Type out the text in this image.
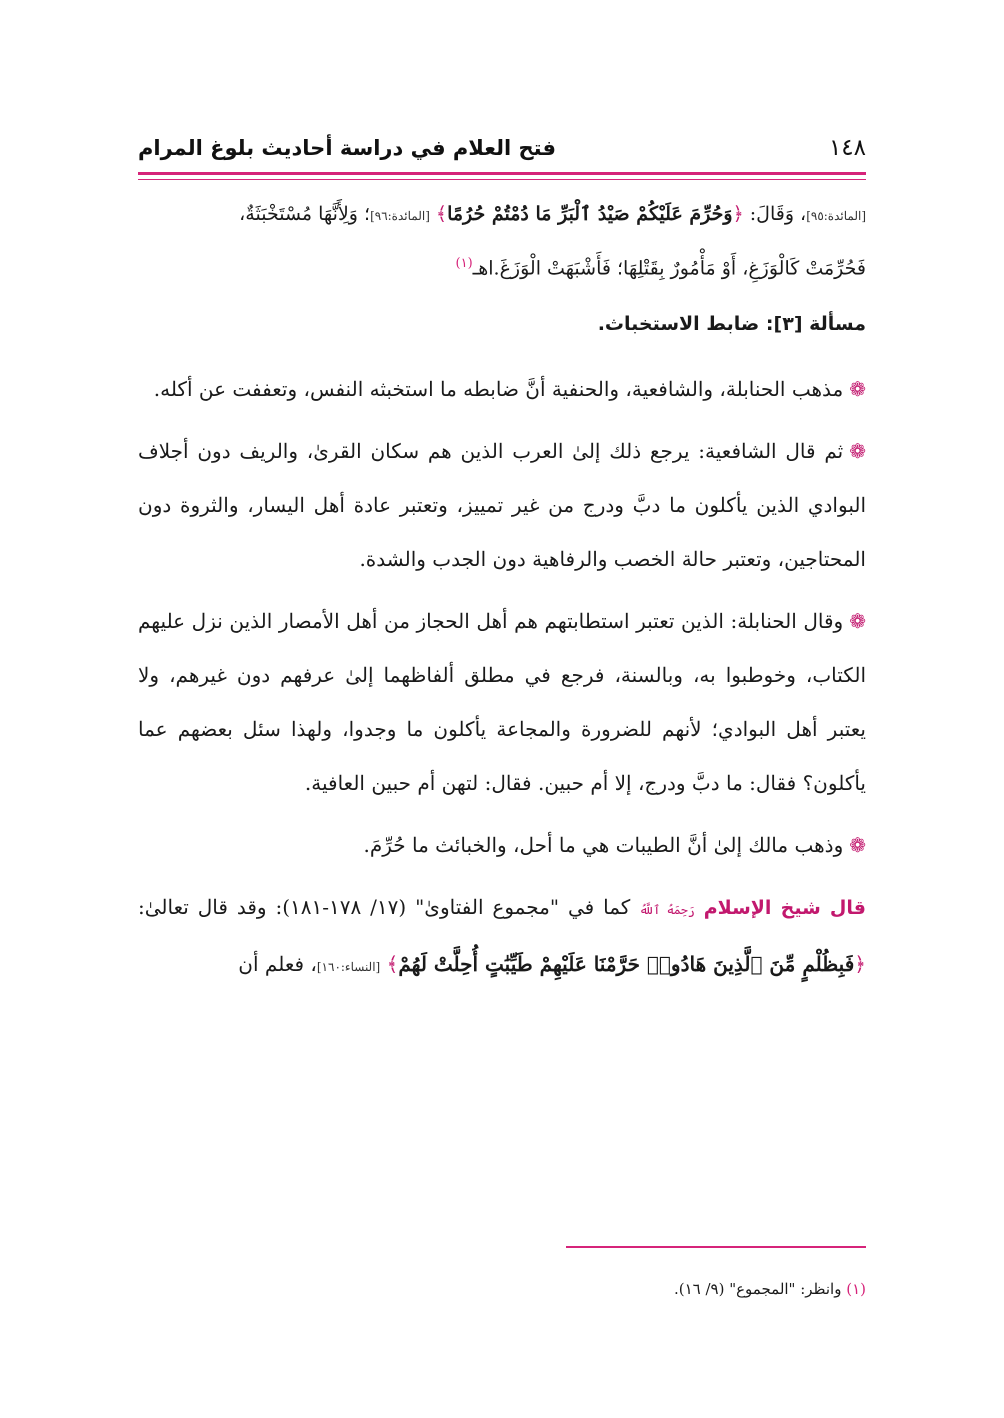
١٤٨
فتح العلام في دراسة أحاديث بلوغ المرام
[المائدة:٩٥]، وَقَالَ: ﴿وَحُرِّمَ عَلَيْكُمْ صَيْدُ ٱلْبَرِّ مَا دُمْتُمْ حُرُمًا﴾ [المائدة:٩٦]؛ وَلِأَنَّهَا مُسْتَخْبَثَةٌ،
فَحُرِّمَتْ كَالْوَزَغِ، أَوْ مَأْمُورٌ بِقَتْلِهَا؛ فَأَشْبَهَتْ الْوَزَغَ.اهـ$^{(١)}$
مسألة [٣]: ضابط الاستخباث.

❁مذهب الحنابلة، والشافعية، والحنفية أنَّ ضابطه ما استخبثه النفس، وتعففت عن أكله.

❁ثم قال الشافعية: يرجع ذلك إلىٰ العرب الذين هم سكان القرىٰ، والريف دون أجلاف البوادي الذين يأكلون ما دبَّ ودرج من غير تمييز، وتعتبر عادة أهل اليسار، والثروة دون المحتاجين، وتعتبر حالة الخصب والرفاهية دون الجدب والشدة.

❁وقال الحنابلة: الذين تعتبر استطابتهم هم أهل الحجاز من أهل الأمصار الذين نزل عليهم الكتاب، وخوطبوا به، وبالسنة، فرجع في مطلق ألفاظهما إلىٰ عرفهم دون غيرهم، ولا يعتبر أهل البوادي؛ لأنهم للضرورة والمجاعة يأكلون ما وجدوا، ولهذا سئل بعضهم عما يأكلون؟ فقال: ما دبَّ ودرج، إلا أم حبين. فقال: لتهن أم حبين العافية.

❁وذهب مالك إلىٰ أنَّ الطيبات هي ما أحل، والخبائث ما حُرِّمَ.

قال شيخ الإسلام رَحِمَهُ ٱللَّهُ كما في "مجموع الفتاوىٰ" (١٧/ ١٧٨-١٨١): وقد قال تعالىٰ: ﴿فَبِظُلْمٍ مِّنَ ٱلَّذِينَ هَادُوا۟ حَرَّمْنَا عَلَيْهِمْ طَيِّبَٰتٍ أُحِلَّتْ لَهُمْ﴾ [النساء:١٦٠]، فعلم أن

(١) وانظر: "المجموع" (٩/ ١٦).
